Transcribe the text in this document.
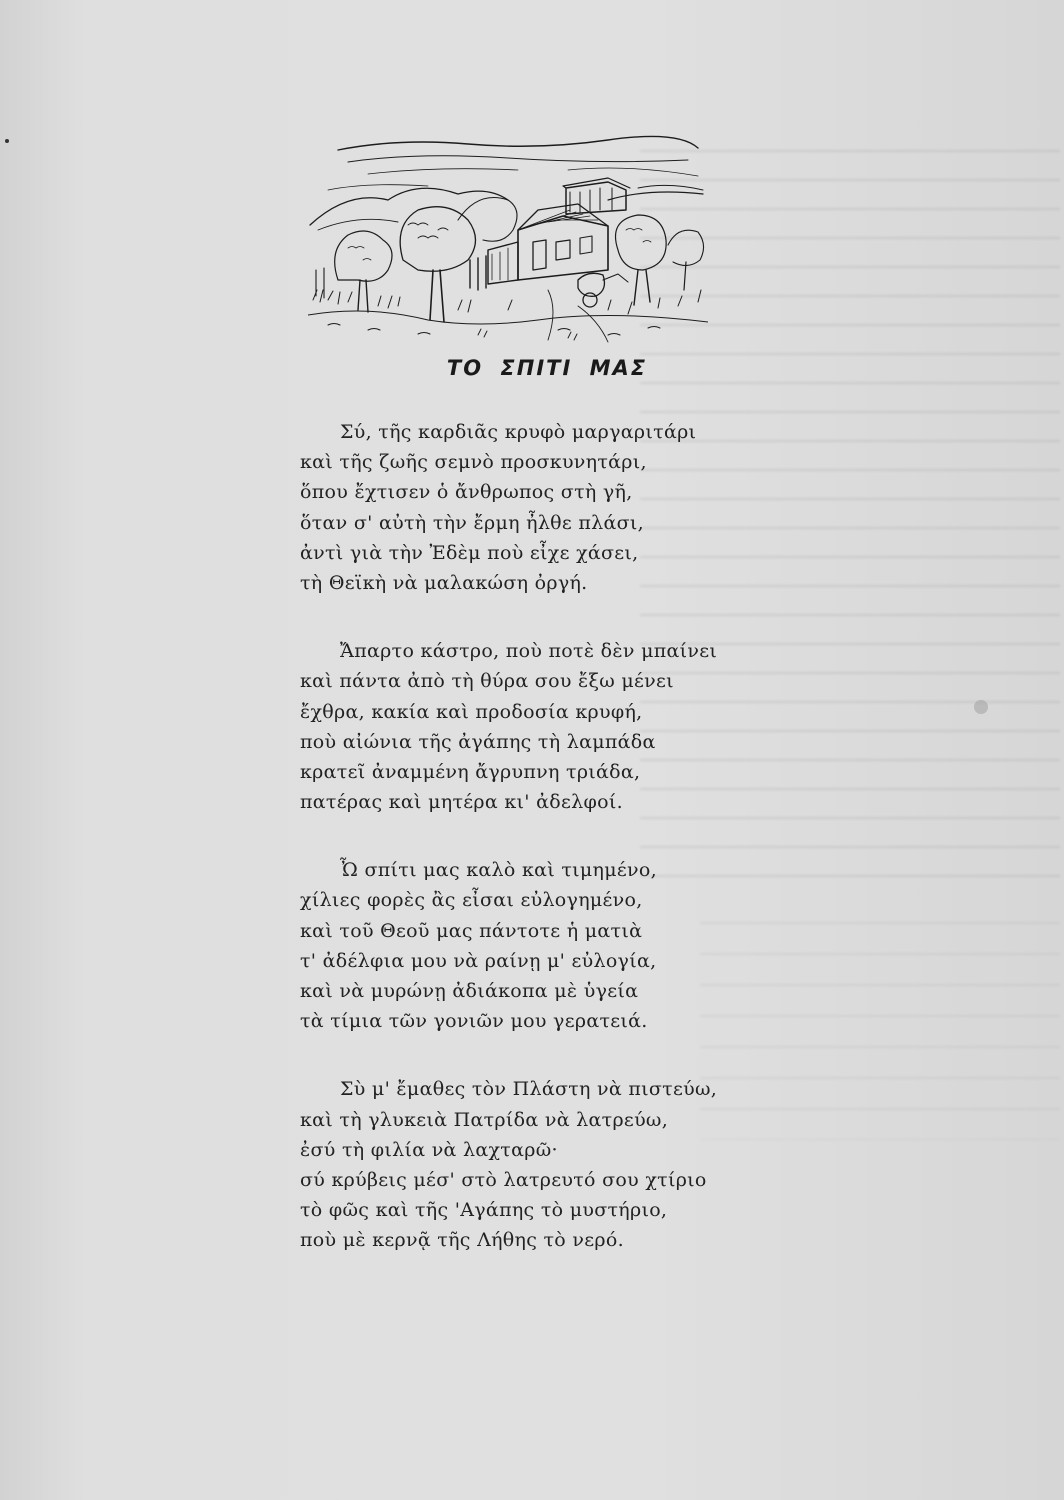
ΤΟ ΣΠΙΤΙ ΜΑΣ
Σύ, τῆς καρδιᾶς κρυφὸ μαργαριτάρι
καὶ τῆς ζωῆς σεμνὸ προσκυνητάρι,
ὅπου ἔχτισεν ὁ ἄνθρωπος στὴ γῆ,
ὅταν σ' αὐτὴ τὴν ἔρμη ἦλθε πλάσι,
ἀντὶ γιὰ τὴν Ἐδὲμ ποὺ εἶχε χάσει,
τὴ Θεϊκὴ νὰ μαλακώση ὀργή.
Ἄπαρτο κάστρο, ποὺ ποτὲ δὲν μπαίνει
καὶ πάντα ἀπὸ τὴ θύρα σου ἔξω μένει
ἔχθρα, κακία καὶ προδοσία κρυφή,
ποὺ αἰώνια τῆς ἀγάπης τὴ λαμπάδα
κρατεῖ ἀναμμένη ἄγρυπνη τριάδα,
πατέρας καὶ μητέρα κι' ἀδελφοί.
Ὦ σπίτι μας καλὸ καὶ τιμημένο,
χίλιες φορὲς ἂς εἶσαι εὐλογημένο,
καὶ τοῦ Θεοῦ μας πάντοτε ἡ ματιὰ
τ' ἀδέλφια μου νὰ ραίνῃ μ' εὐλογία,
καὶ νὰ μυρώνῃ ἀδιάκοπα μὲ ὑγεία
τὰ τίμια τῶν γονιῶν μου γερατειά.
Σὺ μ' ἔμαθες τὸν Πλάστη νὰ πιστεύω,
καὶ τὴ γλυκειὰ Πατρίδα νὰ λατρεύω,
ἐσύ τὴ φιλία νὰ λαχταρῶ·
σύ κρύβεις μέσ' στὸ λατρευτό σου χτίριο
τὸ φῶς καὶ τῆς 'Αγάπης τὸ μυστήριο,
ποὺ μὲ κερνᾷ τῆς Λήθης τὸ νερό.
